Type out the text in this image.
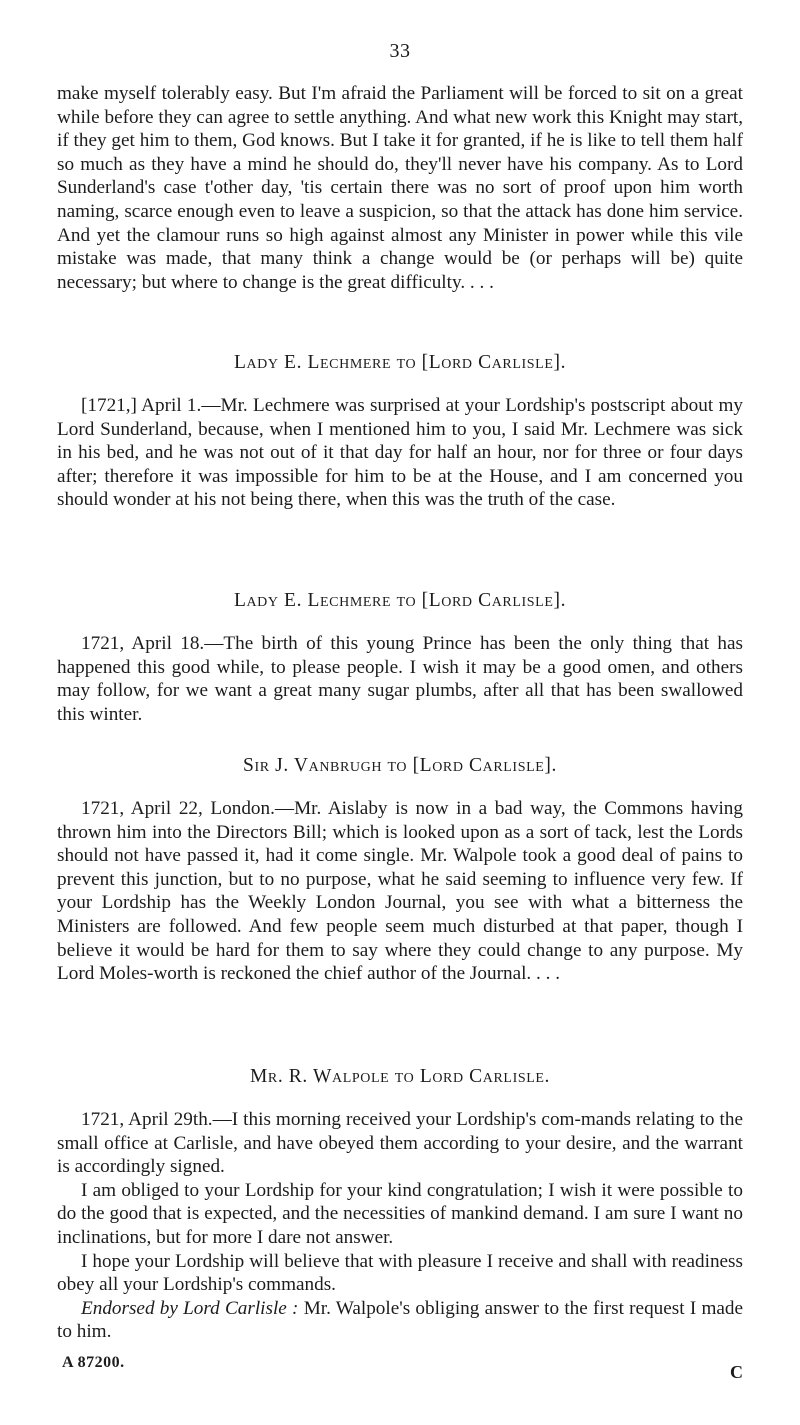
33

make myself tolerably easy. But I'm afraid the Parliament will be forced to sit on a great while before they can agree to settle anything. And what new work this Knight may start, if they get him to them, God knows. But I take it for granted, if he is like to tell them half so much as they have a mind he should do, they'll never have his company. As to Lord Sunderland's case t'other day, 'tis certain there was no sort of proof upon him worth naming, scarce enough even to leave a suspicion, so that the attack has done him service. And yet the clamour runs so high against almost any Minister in power while this vile mistake was made, that many think a change would be (or perhaps will be) quite necessary; but where to change is the great difficulty. . . .

Lady E. Lechmere to [Lord Carlisle].

[1721,] April 1.—Mr. Lechmere was surprised at your Lordship's postscript about my Lord Sunderland, because, when I mentioned him to you, I said Mr. Lechmere was sick in his bed, and he was not out of it that day for half an hour, nor for three or four days after; therefore it was impossible for him to be at the House, and I am concerned you should wonder at his not being there, when this was the truth of the case.

Lady E. Lechmere to [Lord Carlisle].

1721, April 18.—The birth of this young Prince has been the only thing that has happened this good while, to please people. I wish it may be a good omen, and others may follow, for we want a great many sugar plumbs, after all that has been swallowed this winter.

Sir J. Vanbrugh to [Lord Carlisle].

1721, April 22, London.—Mr. Aislaby is now in a bad way, the Commons having thrown him into the Directors Bill; which is looked upon as a sort of tack, lest the Lords should not have passed it, had it come single. Mr. Walpole took a good deal of pains to prevent this junction, but to no purpose, what he said seeming to influence very few. If your Lordship has the Weekly London Journal, you see with what a bitterness the Ministers are followed. And few people seem much disturbed at that paper, though I believe it would be hard for them to say where they could change to any purpose. My Lord Moles-worth is reckoned the chief author of the Journal. . . .

Mr. R. Walpole to Lord Carlisle.

1721, April 29th.—I this morning received your Lordship's com-mands relating to the small office at Carlisle, and have obeyed them according to your desire, and the warrant is accordingly signed.

I am obliged to your Lordship for your kind congratulation; I wish it were possible to do the good that is expected, and the necessities of mankind demand. I am sure I want no inclinations, but for more I dare not answer.

I hope your Lordship will believe that with pleasure I receive and shall with readiness obey all your Lordship's commands.

Endorsed by Lord Carlisle : Mr. Walpole's obliging answer to the first request I made to him.

A 87200.	C
